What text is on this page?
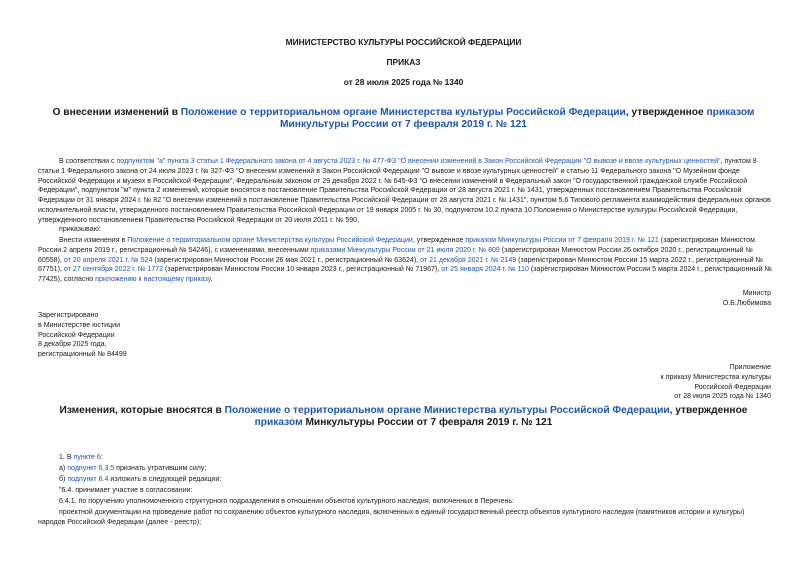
МИНИСТЕРСТВО КУЛЬТУРЫ РОССИЙСКОЙ ФЕДЕРАЦИИ
ПРИКАЗ
от 28 июля 2025 года № 1340
О внесении изменений в Положение о территориальном органе Министерства культуры Российской Федерации, утвержденное приказом Минкультуры России от 7 февраля 2019 г. № 121

В соответствии с подпунктом "а" пункта 3 статьи 1 Федерального закона от 4 августа 2023 г. № 477-ФЗ "О внесении изменений в Закон Российской Федерации "О вывозе и ввозе культурных ценностей", пунктом 8 статьи 1 Федерального закона от 24 июля 2023 г. № 327-ФЗ "О внесении изменений в Закон Российской Федерации "О вывозе и ввозе культурных ценностей" и статью 11 Федерального закона "О Музейном фонде Российской Федерации и музеях в Российской Федерации", Федеральным законом от 29 декабря 2022 г. № 645-ФЗ "О внесении изменений в Федеральный закон "О государственной гражданской службе Российской Федерации", подпунктом "м" пункта 2 изменений, которые вносятся в постановление Правительства Российской Федерации от 28 августа 2021 г. № 1431, утвержденных постановлением Правительства Российской Федерации от 31 января 2024 г. № 82 "О внесении изменений в постановление Правительства Российской Федерации от 28 августа 2021 г. № 1431", пунктом 5.6 Типового регламента взаимодействия федеральных органов исполнительной власти, утвержденного постановлением Правительства Российской Федерации от 19 января 2005 г. № 30, подпунктом 10.2 пункта 10 Положения о Министерстве культуры Российской Федерации, утвержденного постановлением Правительства Российской Федерации от 20 июля 2011 г. № 590,

приказываю:

Внести изменения в Положение о территориальном органе Министерства культуры Российской Федерации, утвержденное приказом Минкультуры России от 7 февраля 2019 г. № 121 (зарегистрирован Минюстом России 2 апреля 2019 г., регистрационный № 54246), с изменениями, внесенными приказами Минкультуры России от 21 июля 2020 г. № 809 (зарегистрирован Минюстом России 26 октября 2020 г., регистрационный № 60558), от 20 апреля 2021 г. № 524 (зарегистрирован Минюстом России 26 мая 2021 г., регистрационный № 63624), от 21 декабря 2021 г. № 2149 (зарегистрирован Минюстом России 15 марта 2022 г., регистрационный № 67751), от 27 сентября 2022 г. № 1772 (зарегистрирован Минюстом России 10 января 2023 г., регистрационный № 71967), от 25 января 2024 г. № 110 (зарегистрирован Минюстом России 5 марта 2024 г., регистрационный № 77425), согласно приложению к настоящему приказу.

Министр
О.Б.Любимова
Зарегистрировано
в Министерстве юстиции
Российской Федерации
8 декабря 2025 года,
регистрационный № 84499
Приложение
к приказу Министерства культуры
Российской Федерации
от 28 июля 2025 года № 1340
Изменения, которые вносятся в Положение о территориальном органе Министерства культуры Российской Федерации, утвержденное приказом Минкультуры России от 7 февраля 2019 г. № 121
1. В пункте 6:
а) подпункт 6.3.5 признать утратившим силу;
б) подпункт 6.4 изложить в следующей редакции:
"6.4. принимает участие в согласовании:
6.4.1. по поручению уполномоченного структурного подразделения в отношении объектов культурного наследия, включенных в Перечень:

проектной документации на проведение работ по сохранению объектов культурного наследия, включенных в единый государственный реестр объектов культурного наследия (памятников истории и культуры) народов Российской Федерации (далее - реестр);
